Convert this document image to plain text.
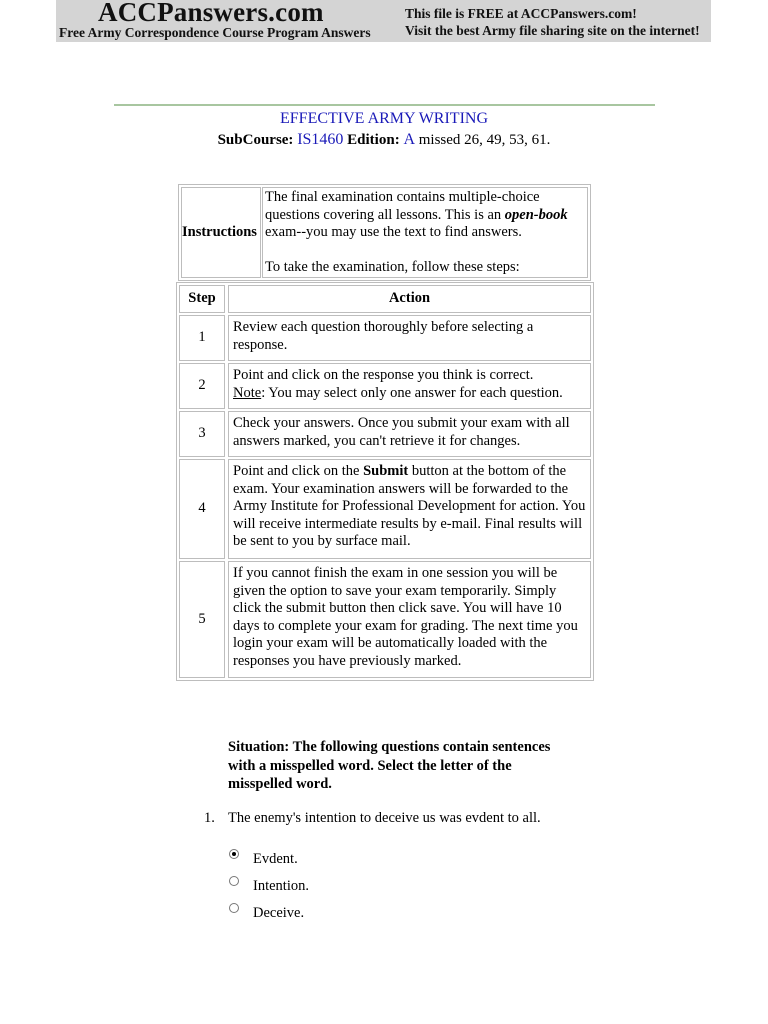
ACCPanswers.com
Free Army Correspondence Course Program Answers
This file is FREE at ACCPanswers.com!
Visit the best Army file sharing site on the internet!
EFFECTIVE ARMY WRITING
SubCourse: IS1460 Edition: A missed 26, 49, 53, 61.
Instructions

The final examination contains multiple-choice questions covering all lessons. This is an open-book exam--you may use the text to find answers.

To take the examination, follow these steps:

Step	Action
1
Review each question thoroughly before selecting a response.
2
Point and click on the response you think is correct.
Note: You may select only one answer for each question.
3
Check your answers. Once you submit your exam with all answers marked, you can't retrieve it for changes.
4
Point and click on the Submit button at the bottom of the exam. Your examination answers will be forwarded to the Army Institute for Professional Development for action. You will receive intermediate results by e-mail. Final results will be sent to you by surface mail.
5
If you cannot finish the exam in one session you will be given the option to save your exam temporarily. Simply click the submit button then click save. You will have 10 days to complete your exam for grading. The next time you login your exam will be automatically loaded with the responses you have previously marked.
Situation: The following questions contain sentences with a misspelled word. Select the letter of the misspelled word.
1. The enemy's intention to deceive us was evdent to all.
Evdent.
Intention.
Deceive.
